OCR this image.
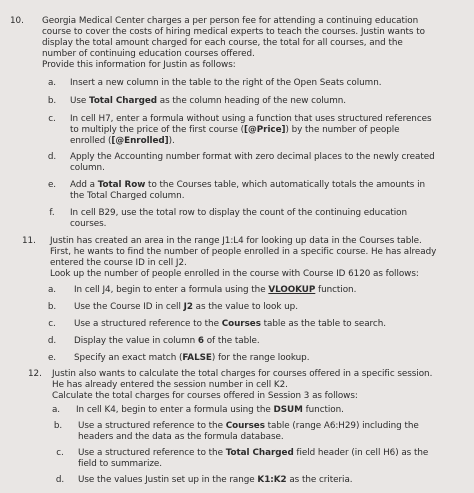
10. Georgia Medical Center charges a per person fee for attending a continuing education
course to cover the costs of hiring medical experts to teach the courses. Justin wants to
display the total amount charged for each course, the total for all courses, and the
number of continuing education courses offered.
Provide this information for Justin as follows:
a. Insert a new column in the table to the right of the Open Seats column.
b. Use Total Charged as the column heading of the new column.
c. In cell H7, enter a formula without using a function that uses structured references
to multiply the price of the first course ([@Price]) by the number of people
enrolled ([@Enrolled]).
d. Apply the Accounting number format with zero decimal places to the newly created
column.
e. Add a Total Row to the Courses table, which automatically totals the amounts in
the Total Charged column.
f.	In cell B29, use the total row to display the count of the continuing education
courses.
11. Justin has created an area in the range J1:L4 for looking up data in the Courses table.
First, he wants to find the number of people enrolled in a specific course. He has already
entered the course ID in cell J2.
Look up the number of people enrolled in the course with Course ID 6120 as follows:
a. In cell J4, begin to enter a formula using the VLOOKUP function.
b. Use the Course ID in cell J2 as the value to look up.
c. Use a structured reference to the Courses table as the table to search.
d. Display the value in column 6 of the table.
e. Specify an exact match (FALSE) for the range lookup.
12. Justin also wants to calculate the total charges for courses offered in a specific session.
He has already entered the session number in cell K2.
Calculate the total charges for courses offered in Session 3 as follows:
a. In cell K4, begin to enter a formula using the DSUM function.
b. Use a structured reference to the Courses table (range A6:H29) including the
headers and the data as the formula database.
c. Use a structured reference to the Total Charged field header (in cell H6) as the
field to summarize.
d. Use the values Justin set up in the range K1:K2 as the criteria.
